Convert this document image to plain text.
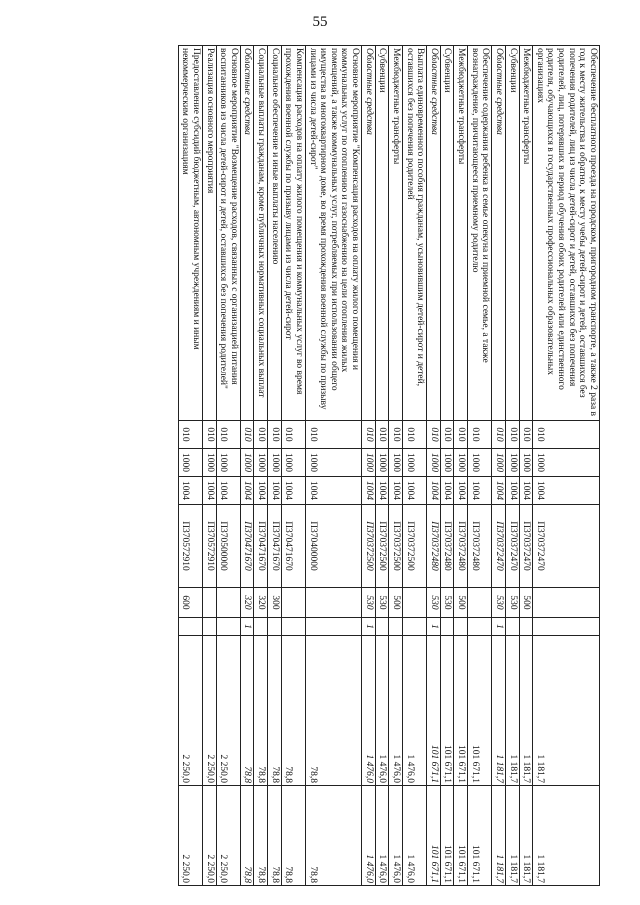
55
Обеспечение бесплатного проезда на городском, пригородном транспорте, а также 2 раза в год к месту жительства и обратно, к месту учебы детей-сирот и детей, оставшихся без попечения родителей, лиц из числа детей-сирот и детей, оставшихся без попечения родителей, лиц, потерявших в период обучения обоих родителей или единственного родителя, обучающихся в государственных профессиональных образовательных организациях	010	1000	1004	П370372470			1 181,7	1 181,7
Межбюджетные трансферты	010	1000	1004	П370372470	500		1 181,7	1 181,7
Субвенции	010	1000	1004	П370372470	530		1 181,7	1 181,7
Областные средства	010	1000	1004	П370372470	530	1	1 181,7	1 181,7
Обеспечение содержания ребенка в семье опекуна и приемной семье, а также вознаграждение, причитающееся приемному родителю	010	1000	1004	П370372480			101 671,1	101 671,1
Межбюджетные трансферты	010	1000	1004	П370372480	500		101 671,1	101 671,1
Субвенции	010	1000	1004	П370372480	530		101 671,1	101 671,1
Областные средства	010	1000	1004	П370372480	530	1	101 671,1	101 671,1
Выплата единовременного пособия гражданам, усыновившим детей-сирот и детей, оставшихся без попечения родителей	010	1000	1004	П370372500			1 476,0	1 476,0
Межбюджетные трансферты	010	1000	1004	П370372500	500		1 476,0	1 476,0
Субвенции	010	1000	1004	П370372500	530		1 476,0	1 476,0
Областные средства	010	1000	1004	П370372500	530	1	1 476,0	1 476,0
Основное мероприятие "Компенсация расходов на оплату жилого помещения и коммунальных услуг по отоплению и газоснабжению на цели отопления жилых помещений, а также коммунальных услуг, потребляемых при использовании общего имущества в многоквартирном доме, во время прохождения военной службы по призыву лицами из числа детей-сирот"	010	1000	1004	П370400000			78,8	78,8
Компенсация расходов на оплату жилого помещения и коммунальных услуг во время прохождения военной службы по призыву лицами из числа детей-сирот	010	1000	1004	П370471670			78,8	78,8
Социальное обеспечение и иные выплаты населению	010	1000	1004	П370471670	300		78,8	78,8
Социальные выплаты гражданам, кроме публичных нормативных социальных выплат	010	1000	1004	П370471670	320		78,8	78,8
Областные средства	010	1000	1004	П370471670	320	1	78,8	78,8
Основное мероприятие "Возмещение расходов, связанных с организацией питания воспитанников из числа детей-сирот и детей, оставшихся без попечения родителей"	010	1000	1004	П370500000			2 250,0	2 250,0
Реализация основного мероприятия	010	1000	1004	П370572910			2 250,0	2 250,0
Предоставление субсидий бюджетным, автономным учреждениям и иным некоммерческим организациям	010	1000	1004	П370572910	600		2 250,0	2 250,0
